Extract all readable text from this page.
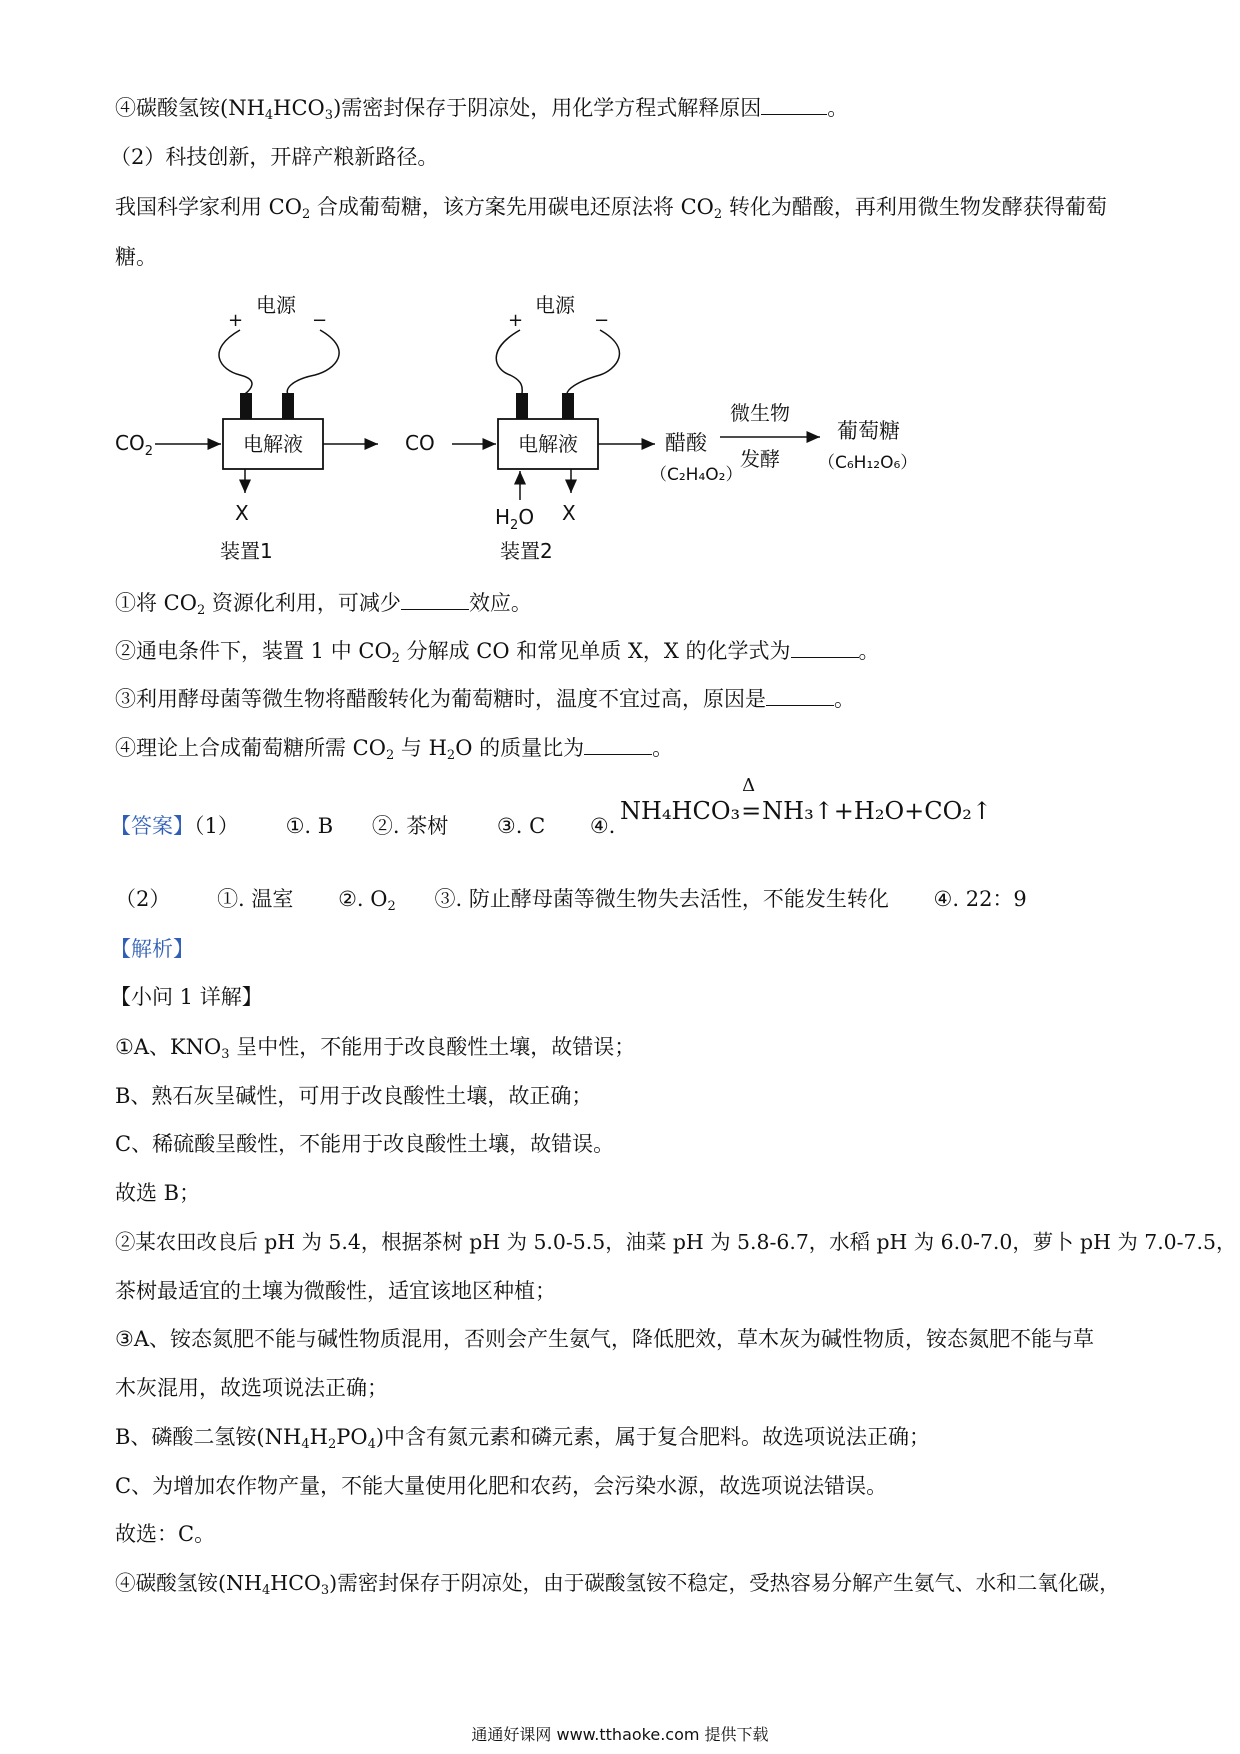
④碳酸氢铵$(NH_4HCO_3)$需密封保存于阴凉处，用化学方程式解释原因	。
（2）科技创新，开辟产粮新路径。
我国科学家利用 $CO_2$ 合成葡萄糖，该方案先用碳电还原法将 $CO_2$ 转化为醋酸，再利用微生物发酵获得葡萄
糖。
电源
+	−
电解液
$CO_2$
X
装置1
CO
电源
+	−
电解液
$H_2O$ X
装置2
醋酸
（C₂H₄O₂）
微生物
发酵
葡萄糖
（C₆H₁₂O₆）
①将 $CO_2$ 资源化利用，可减少	效应。
②通电条件下，装置 1 中 $CO_2$ 分解成 CO 和常见单质 X，X 的化学式为	。
③利用酵母菌等微生物将醋酸转化为葡萄糖时，温度不宜过高，原因是	。
④理论上合成葡萄糖所需 $CO_2$ 与 $H_2O$ 的质量比为	。
【答案】（1） ①. B ②. 茶树 ③. C ④.
NH₄HCO₃
Δ
=NH₃↑+H₂O+CO₂↑
（2） ①. 温室 ②. $O_2$ ③. 防止酵母菌等微生物失去活性，不能发生转化 ④. 22：9
【解析】
【小问 1 详解】
①A、$KNO_3$ 呈中性，不能用于改良酸性土壤，故错误；
B、熟石灰呈碱性，可用于改良酸性土壤，故正确；
C、稀硫酸呈酸性，不能用于改良酸性土壤，故错误。
故选 B；
②某农田改良后 pH 为 5.4，根据茶树 pH 为 5.0-5.5，油菜 pH 为 5.8-6.7，水稻 pH 为 6.0-7.0，萝卜 pH 为 7.0-7.5，
茶树最适宜的土壤为微酸性，适宜该地区种植；
③A、铵态氮肥不能与碱性物质混用，否则会产生氨气，降低肥效，草木灰为碱性物质，铵态氮肥不能与草
木灰混用，故选项说法正确；
B、磷酸二氢铵$(NH_4H_2PO_4)$中含有氮元素和磷元素，属于复合肥料。故选项说法正确；
C、为增加农作物产量，不能大量使用化肥和农药，会污染水源，故选项说法错误。
故选：C。
④碳酸氢铵$(NH_4HCO_3)$需密封保存于阴凉处，由于碳酸氢铵不稳定，受热容易分解产生氨气、水和二氧化碳，
通通好课网 www.tthaoke.com 提供下载
